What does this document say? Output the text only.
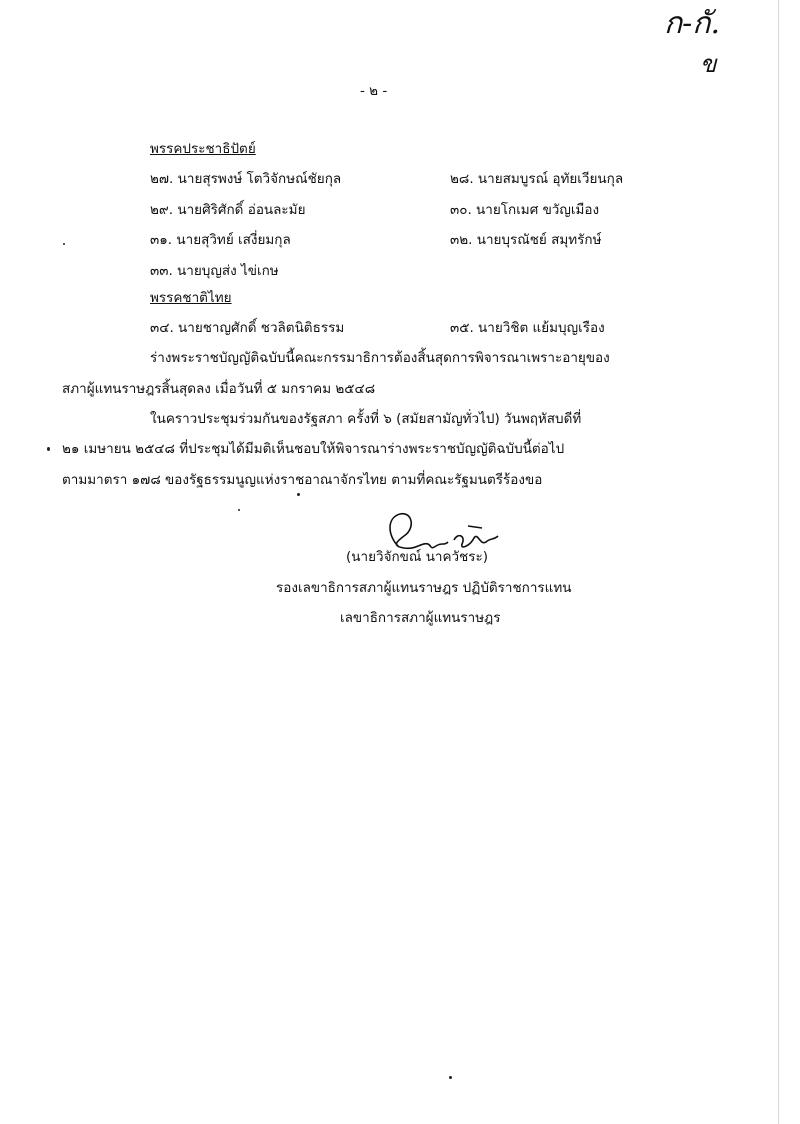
ก-กั.
ข
- ๒ -
พรรคประชาธิปัตย์
๒๗. นายสุรพงษ์ โตวิจักษณ์ชัยกุล	๒๘. นายสมบูรณ์ อุทัยเวียนกุล
๒๙. นายศิริศักดิ์ อ่อนละมัย	๓๐. นายโกเมศ ขวัญเมือง
๓๑. นายสุวิทย์ เสงี่ยมกุล	๓๒. นายบุรณัชย์ สมุทรักษ์
๓๓. นายบุญส่ง ไข่เกษ
พรรคชาติไทย
๓๔. นายชาญศักดิ์ ชวลิตนิติธรรม	๓๕. นายวิชิต แย้มบุญเรือง
ร่างพระราชบัญญัติฉบับนี้คณะกรรมาธิการต้องสิ้นสุดการพิจารณาเพราะอายุของ
สภาผู้แทนราษฎรสิ้นสุดลง เมื่อวันที่ ๕ มกราคม ๒๕๔๘
ในคราวประชุมร่วมกันของรัฐสภา ครั้งที่ ๖ (สมัยสามัญทั่วไป) วันพฤหัสบดีที่
๒๑ เมษายน ๒๕๔๘ ที่ประชุมได้มีมติเห็นชอบให้พิจารณาร่างพระราชบัญญัติฉบับนี้ต่อไป
ตามมาตรา ๑๗๘ ของรัฐธรรมนูญแห่งราชอาณาจักรไทย ตามที่คณะรัฐมนตรีร้องขอ
(นายวิจักขณ์ นาควัชระ)
รองเลขาธิการสภาผู้แทนราษฎร ปฏิบัติราชการแทน
เลขาธิการสภาผู้แทนราษฎร
